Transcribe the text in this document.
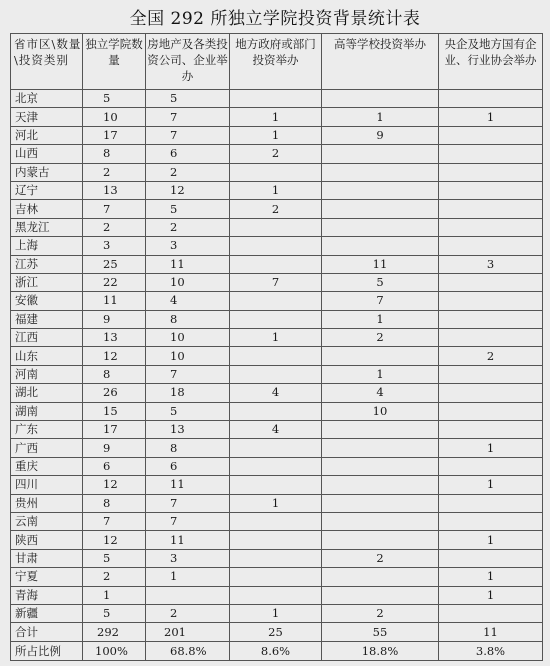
全国 292 所独立学院投资背景统计表
省市区\数量\投资类别	独立学院数量	房地产及各类投资公司、企业举办	地方政府或部门投资举办	高等学校投资举办	央企及地方国有企业、行业协会举办
北京	5	5			
天津	10	7	1	1	1
河北	17	7	1	9	
山西	8	6	2		
内蒙古	2	2			
辽宁	13	12	1		
吉林	7	5	2		
黑龙江	2	2			
上海	3	3			
江苏	25	11		11	3
浙江	22	10	7	5	
安徽	11	4		7	
福建	9	8		1	
江西	13	10	1	2	
山东	12	10			2
河南	8	7		1	
湖北	26	18	4	4	
湖南	15	5		10	
广东	17	13	4		
广西	9	8			1
重庆	6	6			
四川	12	11			1
贵州	8	7	1		
云南	7	7			
陕西	12	11			1
甘肃	5	3		2	
宁夏	2	1			1
青海	1				1
新疆	5	2	1	2	
合计	292	201	25	55	11
所占比例	100%	68.8%	8.6%	18.8%	3.8%
